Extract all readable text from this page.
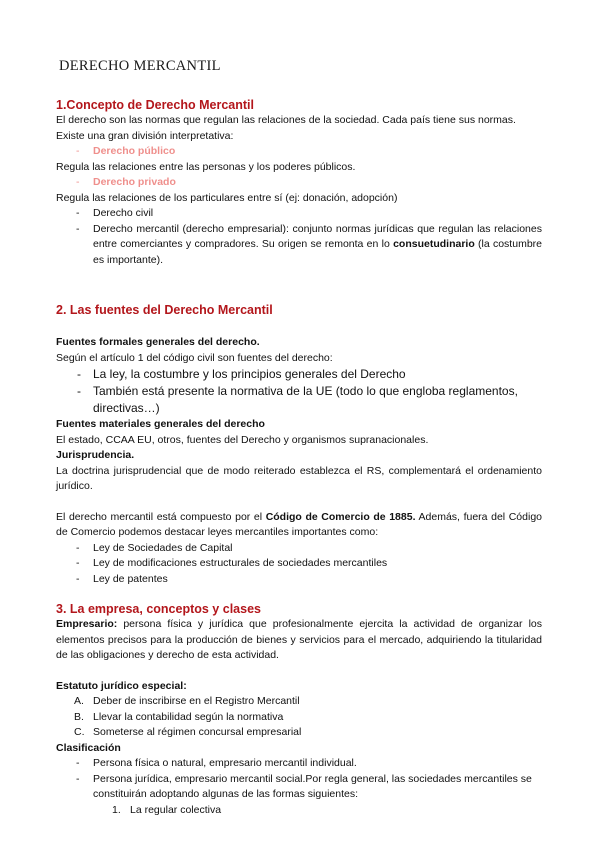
DERECHO MERCANTIL
1.Concepto de Derecho Mercantil

El derecho son las normas que regulan las relaciones de la sociedad. Cada país tiene sus normas. Existe una gran división interpretativa:

- Derecho público

Regula las relaciones entre las personas y los poderes públicos.

- Derecho privado

Regula las relaciones de los particulares entre sí (ej: donación, adopción)

- Derecho civil
- Derecho mercantil (derecho empresarial): conjunto normas jurídicas que regulan las relaciones entre comerciantes y compradores. Su origen se remonta en lo consuetudinario (la costumbre es importante).
2. Las fuentes del Derecho Mercantil

Fuentes formales generales del derecho.

Según el artículo 1 del código civil son fuentes del derecho:

- La ley, la costumbre y los principios generales del Derecho
- También está presente la normativa de la UE (todo lo que engloba reglamentos, directivas…)

Fuentes materiales generales del derecho

El estado, CCAA EU, otros, fuentes del Derecho y organismos supranacionales.

Jurisprudencia.

La doctrina jurisprudencial que de modo reiterado establezca el RS, complementará el ordenamiento jurídico.

El derecho mercantil está compuesto por el Código de Comercio de 1885. Además, fuera del Código de Comercio podemos destacar leyes mercantiles importantes como:

- Ley de Sociedades de Capital
- Ley de modificaciones estructurales de sociedades mercantiles
- Ley de patentes
3. La empresa, conceptos y clases

Empresario: persona física y jurídica que profesionalmente ejercita la actividad de organizar los elementos precisos para la producción de bienes y servicios para el mercado, adquiriendo la titularidad de las obligaciones y derecho de esta actividad.

Estatuto jurídico especial:

A. Deber de inscribirse en el Registro Mercantil
B. Llevar la contabilidad según la normativa
C. Someterse al régimen concursal empresarial

Clasificación

- Persona física o natural, empresario mercantil individual.
- Persona jurídica, empresario mercantil social.Por regla general, las sociedades mercantiles se constituirán adoptando algunas de las formas siguientes:
1. La regular colectiva
